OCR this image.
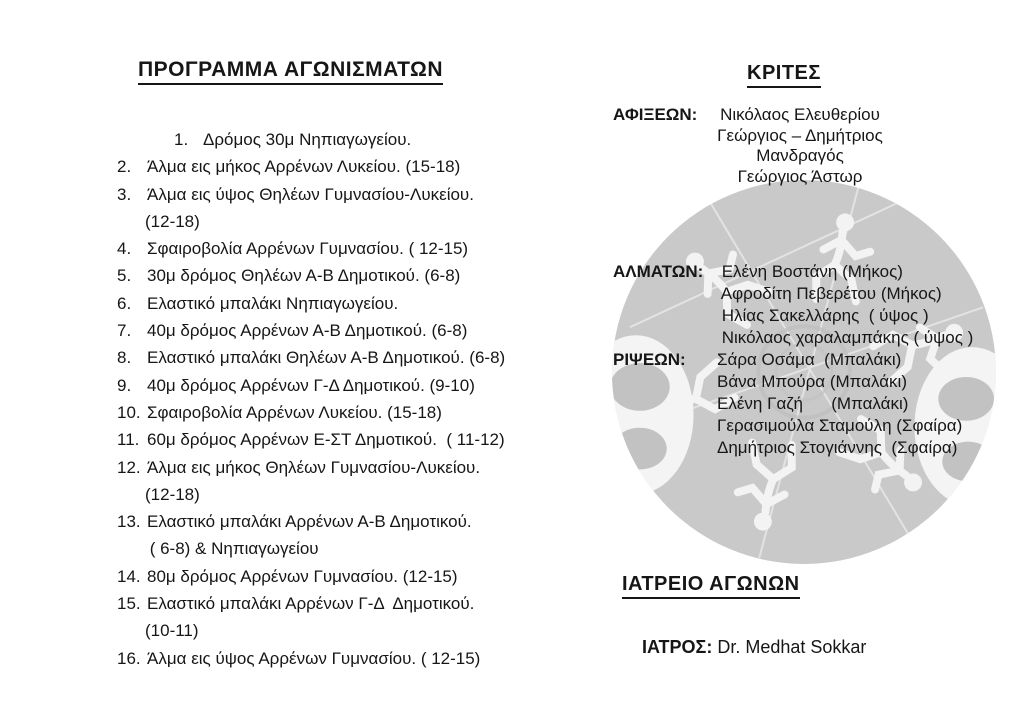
ΠΡΟΓΡΑΜΜΑ ΑΓΩΝΙΣΜΑΤΩΝ
1. Δρόμος 30μ Νηπιαγωγείου.
2. Άλμα εις μήκος Αρρένων Λυκείου. (15-18)
3. Άλμα εις ύψος Θηλέων Γυμνασίου-Λυκείου.
(12-18)
4. Σφαιροβολία Αρρένων Γυμνασίου. ( 12-15)
5. 30μ δρόμος Θηλέων Α-Β Δημοτικού. (6-8)
6. Ελαστικό μπαλάκι Νηπιαγωγείου.
7. 40μ δρόμος Αρρένων Α-Β Δημοτικού. (6-8)
8. Ελαστικό μπαλάκι Θηλέων Α-Β Δημοτικού. (6-8)
9. 40μ δρόμος Αρρένων Γ-Δ Δημοτικού. (9-10)
10. Σφαιροβολία Αρρένων Λυκείου. (15-18)
11. 60μ δρόμος Αρρένων Ε-ΣΤ Δημοτικού.  ( 11-12)
12. Άλμα εις μήκος Θηλέων Γυμνασίου-Λυκείου.
(12-18)
13. Ελαστικό μπαλάκι Αρρένων Α-Β Δημοτικού.
( 6-8) & Νηπιαγωγείου
14. 80μ δρόμος Αρρένων Γυμνασίου. (12-15)
15. Ελαστικό μπαλάκι Αρρένων Γ-Δ  Δημοτικού.
(10-11)
16. Άλμα εις ύψος Αρρένων Γυμνασίου. ( 12-15)
ΚΡΙΤΕΣ
ΑΦΙΞΕΩΝ:	Νικόλαος Ελευθερίου
Γεώργιος – Δημήτριος
Μανδραγός
Γεώργιος Άστωρ
ΑΛΜΑΤΩΝ: Ελένη Βοστάνη (Μήκος)
Αφροδίτη Πεβερέτου (Μήκος)
Ηλίας Σακελλάρης  ( ύψος )
Νικόλαος χαραλαμπάκης ( ύψος )
ΡΙΨΕΩΝ:	Σάρα Οσάμα  (Μπαλάκι)
Βάνα Μπούρα (Μπαλάκι)
Ελένη Γαζή      (Μπαλάκι)
Γερασιμούλα Σταμούλη (Σφαίρα)
Δημήτριος Στογιάννης  (Σφαίρα)
ΙΑΤΡΕΙΟ ΑΓΩΝΩΝ

ΙΑΤΡΟΣ: Dr. Medhat Sokkar
